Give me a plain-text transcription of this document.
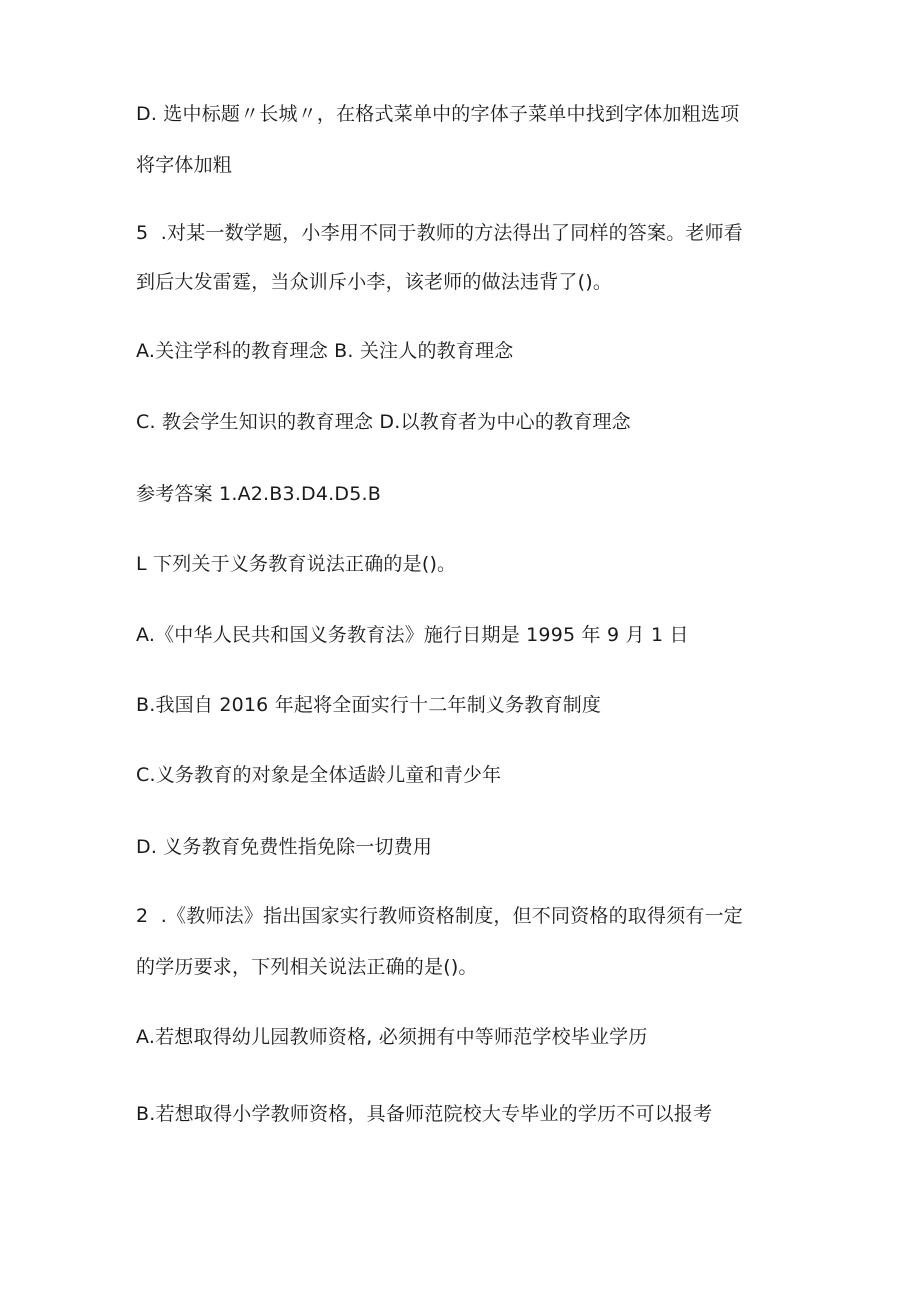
D. 选中标题〃长城〃，在格式菜单中的字体子菜单中找到字体加粗选项
将字体加粗
5  .对某一数学题，小李用不同于教师的方法得出了同样的答案。老师看
到后大发雷霆，当众训斥小李，该老师的做法违背了()。
A.关注学科的教育理念 B. 关注人的教育理念
C. 教会学生知识的教育理念 D.以教育者为中心的教育理念
参考答案 1.A2.B3.D4.D5.B
L 下列关于义务教育说法正确的是()。
A.《中华人民共和国义务教育法》施行日期是 1995 年 9 月 1 日
B.我国自 2016 年起将全面实行十二年制义务教育制度
C.义务教育的对象是全体适龄儿童和青少年
D. 义务教育免费性指免除一切费用
2  .《教师法》指出国家实行教师资格制度，但不同资格的取得须有一定
的学历要求，下列相关说法正确的是()。
A.若想取得幼儿园教师资格, 必须拥有中等师范学校毕业学历
B.若想取得小学教师资格，具备师范院校大专毕业的学历不可以报考
